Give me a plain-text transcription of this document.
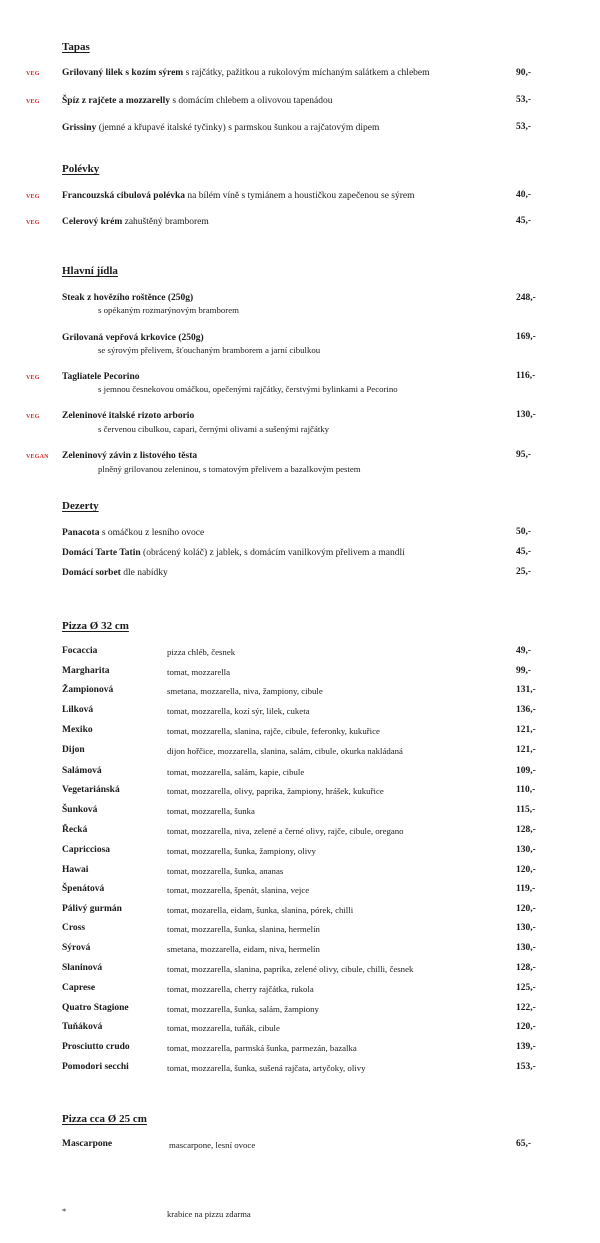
Tapas
VEG Grilovaný lilek s kozím sýrem s rajčátky, pažitkou a rukolovým míchaným salátkem a chlebem	90,-
VEG Špíz z rajčete a mozzarelly s domácím chlebem a olivovou tapenádou	53,-
Grissiny (jemné a křupavé italské tyčinky) s parmskou šunkou a rajčatovým dipem	53,-
Polévky
VEG Francouzská cibulová polévka na bílém víně s tymiánem a houstičkou zapečenou se sýrem	40,-
VEG Celerový krém zahuštěný bramborem	45,-
Hlavní jídla
Steak z hovězího roštěnce (250g)
s opékaným rozmarýnovým bramborem
248,-
Grilovaná vepřová krkovice (250g)
se sýrovým přelivem, šťouchaným bramborem a jarní cibulkou
169,-
VEG Tagliatele Pecorino
s jemnou česnekovou omáčkou, opečenými rajčátky, čerstvými bylinkami a Pecorino
116,-
VEG Zeleninové italské rizoto arborio
s červenou cibulkou, capari, černými olivami a sušenými rajčátky
130,-
VEGAN Zeleninový závin z listového těsta
plněný grilovanou zeleninou, s tomatovým přelivem a bazalkovým pestem
95,-
Dezerty
Panacota s omáčkou z lesního ovoce	50,-
Domácí Tarte Tatin (obrácený koláč) z jablek, s domácím vanilkovým přelivem a mandlí	45,-
Domácí sorbet dle nabídky	25,-
Pizza Ø 32 cm
Focaccia	pizza chléb, česnek	49,-
Margharita	tomat, mozzarella	99,-
Žampionová	smetana, mozzarella, niva, žampiony, cibule	131,-
Lilková	tomat, mozzarella, kozí sýr, lilek, cuketa	136,-
Mexiko	tomat, mozzarella, slanina, rajče, cibule, feferonky, kukuřice	121,-
Dijon	dijon hořčice, mozzarella, slanina, salám, cibule, okurka nakládaná	121,-
Salámová	tomat, mozzarella, salám, kapie, cibule	109,-
Vegetariánská	tomat, mozzarella, olivy, paprika, žampiony, hrášek, kukuřice	110,-
Šunková	tomat, mozzarella, šunka	115,-
Řecká	tomat, mozzarella, niva, zelené a černé olivy, rajče, cibule, oregano	128,-
Capricciosa	tomat, mozzarella, šunka, žampiony, olivy	130,-
Hawai	tomat, mozzarella, šunka, ananas	120,-
Špenátová	tomat, mozzarella, špenát, slanina, vejce	119,-
Pálivý gurmán	tomat, mozarella, eidam, šunka, slanina, pórek, chilli	120,-
Cross	tomat, mozzarella, šunka, slanina, hermelín	130,-
Sýrová	smetana, mozzarella, eidam, niva, hermelín	130,-
Slaninová	tomat, mozzarella, slanina, paprika, zelené olivy, cibule, chilli, česnek	128,-
Caprese	tomat, mozzarella, cherry rajčátka, rukola	125,-
Quatro Stagione	tomat, mozzarella, šunka, salám, žampiony	122,-
Tuňáková	tomat, mozzarella, tuňák, cibule	120,-
Prosciutto crudo	tomat, mozzarella, parmská šunka, parmezán, bazalka	139,-
Pomodori secchi	tomat, mozzarella, šunka, sušená rajčata, artyčoky, olivy	153,-
Pizza cca Ø 25 cm
Mascarpone	mascarpone, lesní ovoce	65,-
*	krabice na pizzu zdarma
